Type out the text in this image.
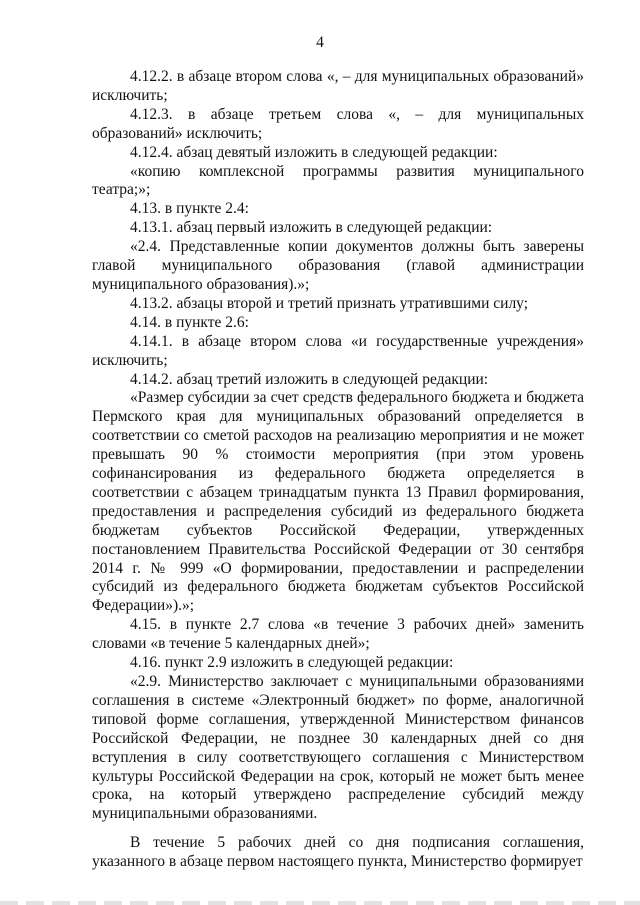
4

4.12.2. в абзаце втором слова «, – для муниципальных образований» исключить;

4.12.3. в абзаце третьем слова «, – для муниципальных образований» исключить;

4.12.4. абзац девятый изложить в следующей редакции:

«копию комплексной программы развития муниципального театра;»;

4.13. в пункте 2.4:

4.13.1. абзац первый изложить в следующей редакции:

«2.4. Представленные копии документов должны быть заверены главой муниципального образования (главой администрации муниципального образования).»;

4.13.2. абзацы второй и третий признать утратившими силу;

4.14. в пункте 2.6:

4.14.1. в абзаце втором слова «и государственные учреждения» исключить;

4.14.2. абзац третий изложить в следующей редакции:

«Размер субсидии за счет средств федерального бюджета и бюджета Пермского края для муниципальных образований определяется в соответствии со сметой расходов на реализацию мероприятия и не может превышать 90 % стоимости мероприятия (при этом уровень софинансирования из федерального бюджета определяется в соответствии с абзацем тринадцатым пункта 13 Правил формирования, предоставления и распределения субсидий из федерального бюджета бюджетам субъектов Российской Федерации, утвержденных постановлением Правительства Российской Федерации от 30 сентября 2014 г. № 999 «О формировании, предоставлении и распределении субсидий из федерального бюджета бюджетам субъектов Российской Федерации»).»;

4.15. в пункте 2.7 слова «в течение 3 рабочих дней» заменить словами «в течение 5 календарных дней»;

4.16. пункт 2.9 изложить в следующей редакции:

«2.9. Министерство заключает с муниципальными образованиями соглашения в системе «Электронный бюджет» по форме, аналогичной типовой форме соглашения, утвержденной Министерством финансов Российской Федерации, не позднее 30 календарных дней со дня вступления в силу соответствующего соглашения с Министерством культуры Российской Федерации на срок, который не может быть менее срока, на который утверждено распределение субсидий между муниципальными образованиями.

В течение 5 рабочих дней со дня подписания соглашения, указанного в абзаце первом настоящего пункта, Министерство формирует
